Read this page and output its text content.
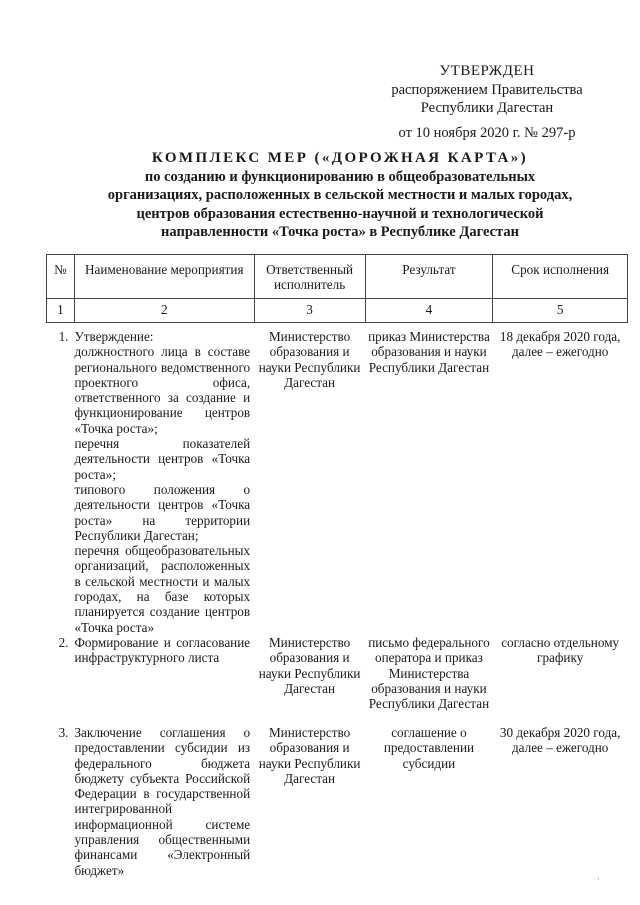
УТВЕРЖДЕН
распоряжением Правительства
Республики Дагестан
от 10 ноября 2020 г. № 297-р
КОМПЛЕКС МЕР («ДОРОЖНАЯ КАРТА»)
по созданию и функционированию в общеобразовательных
организациях, расположенных в сельской местности и малых городах,
центров образования естественно-научной и технологической
направленности «Точка роста» в Республике Дагестан
№	Наименование мероприятия	Ответственный исполнитель	Результат	Срок исполнения
1	2	3	4	5
1.	Утверждение:
должностного лица в составе регионального ведомственного проектного офиса, ответственного за создание и функционирование центров «Точка роста»;
перечня показателей деятельности центров «Точка роста»;
типового положения о деятельности центров «Точка роста» на территории Республики Дагестан;
перечня общеобразовательных организаций, расположенных в сельской местности и малых городах, на базе которых планируется создание центров «Точка роста»	Министерство образования и науки Республики Дагестан	приказ Министерства образования и науки Республики Дагестан	18 декабря 2020 года, далее – ежегодно
2.	Формирование и согласование инфраструктурного листа	Министерство образования и науки Республики Дагестан	письмо федерального оператора и приказ Министерства образования и науки Республики Дагестан	согласно отдельному графику
3.	Заключение соглашения о предоставлении субсидии из федерального бюджета бюджету субъекта Российской Федерации в государственной интегрированной информационной системе управления общественными финансами «Электронный бюджет»	Министерство образования и науки Республики Дагестан	соглашение о предоставлении субсидии	30 декабря 2020 года, далее – ежегодно
·
